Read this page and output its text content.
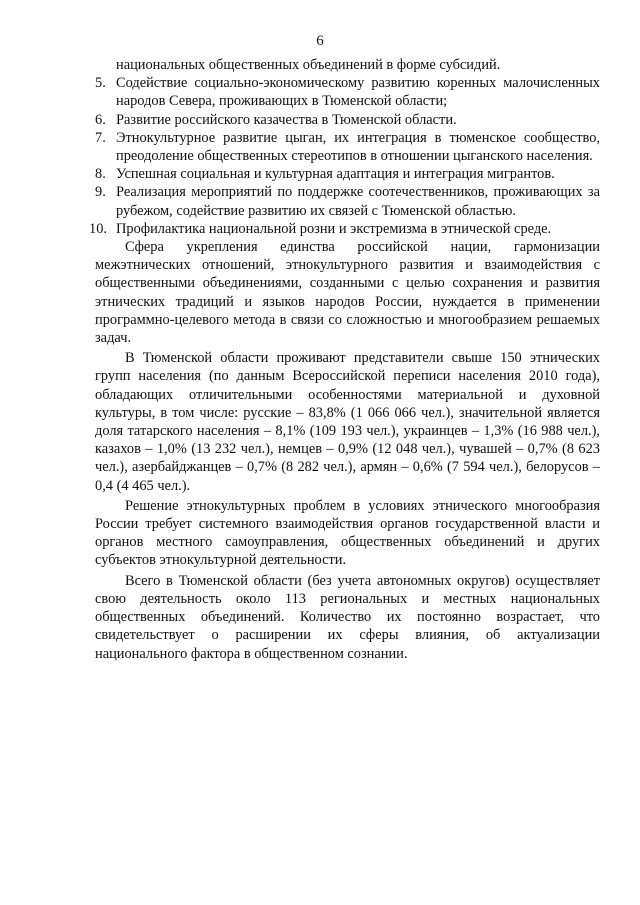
6

национальных общественных объединений в форме субсидий.

5. Содействие социально-экономическому развитию коренных малочисленных народов Севера, проживающих в Тюменской области;
6. Развитие российского казачества в Тюменской области.
7. Этнокультурное развитие цыган, их интеграция в тюменское сообщество, преодоление общественных стереотипов в отношении цыганского населения.
8. Успешная социальная и культурная адаптация и интеграция мигрантов.
9. Реализация мероприятий по поддержке соотечественников, проживающих за рубежом, содействие развитию их связей с Тюменской областью.
10. Профилактика национальной розни и экстремизма в этнической среде.

Сфера укрепления единства российской нации, гармонизации межэтнических отношений, этнокультурного развития и взаимодействия с общественными объединениями, созданными с целью сохранения и развития этнических традиций и языков народов России, нуждается в применении программно-целевого метода в связи со сложностью и многообразием решаемых задач.

В Тюменской области проживают представители свыше 150 этнических групп населения (по данным Всероссийской переписи населения 2010 года), обладающих отличительными особенностями материальной и духовной культуры, в том числе: русские – 83,8% (1 066 066 чел.), значительной является доля татарского населения – 8,1% (109 193 чел.), украинцев – 1,3% (16 988 чел.), казахов – 1,0% (13 232 чел.), немцев – 0,9% (12 048 чел.), чувашей – 0,7% (8 623 чел.), азербайджанцев – 0,7% (8 282 чел.), армян – 0,6% (7 594 чел.), белорусов – 0,4 (4 465 чел.).

Решение этнокультурных проблем в условиях этнического многообразия России требует системного взаимодействия органов государственной власти и органов местного самоуправления, общественных объединений и других субъектов этнокультурной деятельности.

Всего в Тюменской области (без учета автономных округов) осуществляет свою деятельность около 113 региональных и местных национальных общественных объединений. Количество их постоянно возрастает, что свидетельствует о расширении их сферы влияния, об актуализации национального фактора в общественном сознании.
